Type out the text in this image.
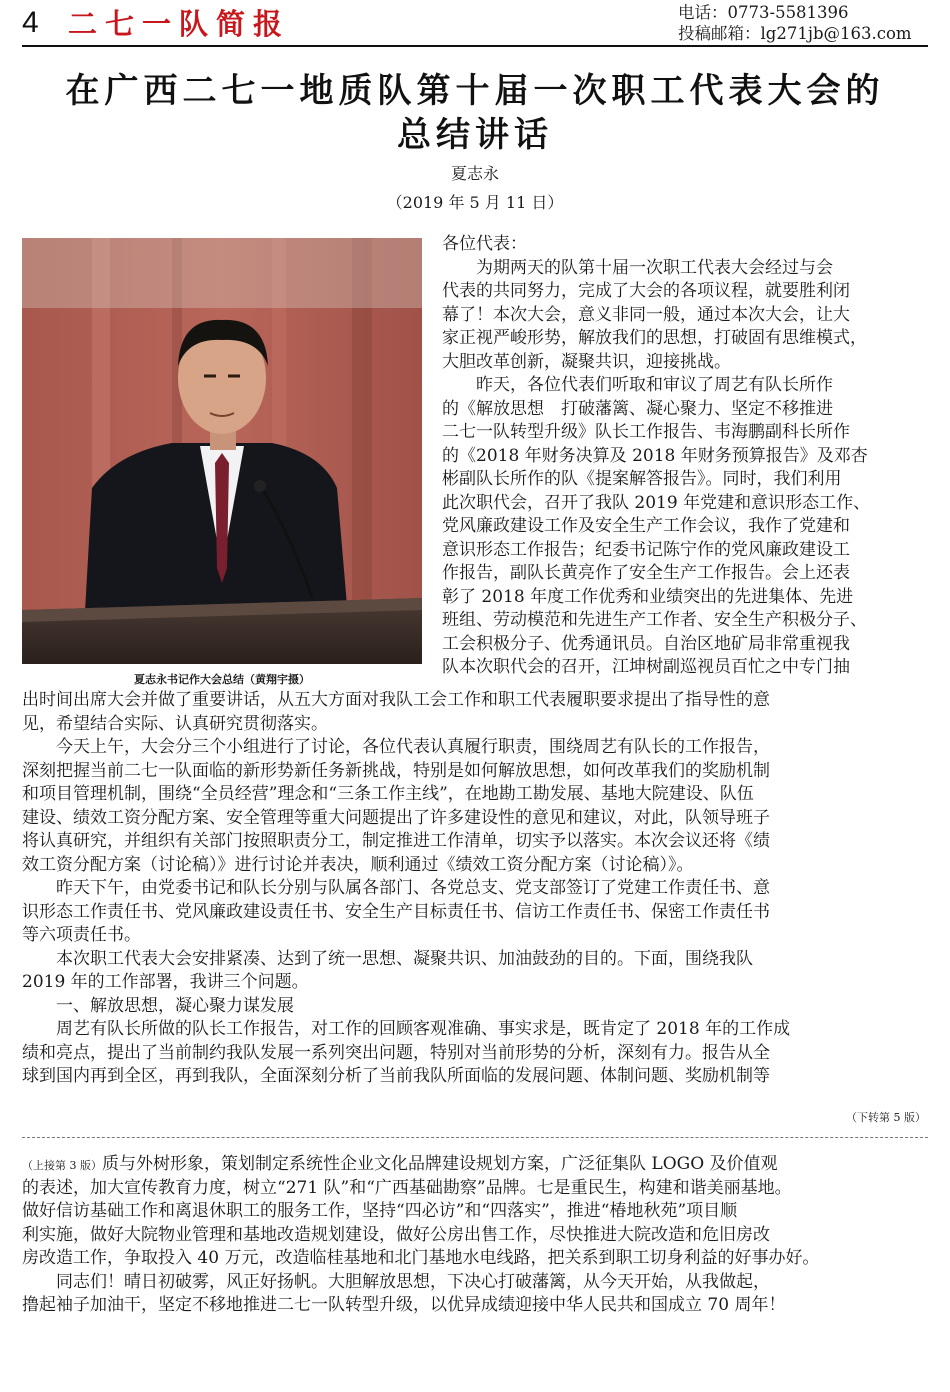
4 二七一队简报	电话：0773-5581396
投稿邮箱：lg271jb@163.com
在广西二七一地质队第十届一次职工代表大会的
总结讲话
夏志永
（2019 年 5 月 11 日）
夏志永书记作大会总结（黄翔宇摄）
各位代表：
　　为期两天的队第十届一次职工代表大会经过与会
代表的共同努力，完成了大会的各项议程，就要胜利闭
幕了！本次大会，意义非同一般，通过本次大会，让大
家正视严峻形势，解放我们的思想，打破固有思维模式，
大胆改革创新，凝聚共识，迎接挑战。
　　昨天，各位代表们听取和审议了周艺有队长所作
的《解放思想　打破藩篱、凝心聚力、坚定不移推进
二七一队转型升级》队长工作报告、韦海鹏副科长所作
的《2018 年财务决算及 2018 年财务预算报告》及邓杏
彬副队长所作的队《提案解答报告》。同时，我们利用
此次职代会，召开了我队 2019 年党建和意识形态工作、
党风廉政建设工作及安全生产工作会议，我作了党建和
意识形态工作报告；纪委书记陈宁作的党风廉政建设工
作报告，副队长黄亮作了安全生产工作报告。会上还表
彰了 2018 年度工作优秀和业绩突出的先进集体、先进
班组、劳动模范和先进生产工作者、安全生产积极分子、
工会积极分子、优秀通讯员。自治区地矿局非常重视我
队本次职代会的召开，江坤树副巡视员百忙之中专门抽
出时间出席大会并做了重要讲话，从五大方面对我队工会工作和职工代表履职要求提出了指导性的意
见，希望结合实际、认真研究贯彻落实。
　　今天上午，大会分三个小组进行了讨论，各位代表认真履行职责，围绕周艺有队长的工作报告，
深刻把握当前二七一队面临的新形势新任务新挑战，特别是如何解放思想，如何改革我们的奖励机制
和项目管理机制，围绕“全员经营”理念和“三条工作主线”，在地勘工勘发展、基地大院建设、队伍
建设、绩效工资分配方案、安全管理等重大问题提出了许多建设性的意见和建议，对此，队领导班子
将认真研究，并组织有关部门按照职责分工，制定推进工作清单，切实予以落实。本次会议还将《绩
效工资分配方案（讨论稿）》进行讨论并表决，顺利通过《绩效工资分配方案（讨论稿）》。
　　昨天下午，由党委书记和队长分别与队属各部门、各党总支、党支部签订了党建工作责任书、意
识形态工作责任书、党风廉政建设责任书、安全生产目标责任书、信访工作责任书、保密工作责任书
等六项责任书。
　　本次职工代表大会安排紧凑、达到了统一思想、凝聚共识、加油鼓劲的目的。下面，围绕我队
2019 年的工作部署，我讲三个问题。
　　一、解放思想，凝心聚力谋发展
　　周艺有队长所做的队长工作报告，对工作的回顾客观准确、事实求是，既肯定了 2018 年的工作成
绩和亮点，提出了当前制约我队发展一系列突出问题，特别对当前形势的分析，深刻有力。报告从全
球到国内再到全区，再到我队，全面深刻分析了当前我队所面临的发展问题、体制问题、奖励机制等
（下转第 5 版）
（上接第 3 版）质与外树形象，策划制定系统性企业文化品牌建设规划方案，广泛征集队 LOGO 及价值观
的表述，加大宣传教育力度，树立“271 队”和“广西基础勘察”品牌。七是重民生，构建和谐美丽基地。
做好信访基础工作和离退休职工的服务工作，坚持“四必访”和“四落实”，推进“椿地秋苑”项目顺
利实施，做好大院物业管理和基地改造规划建设，做好公房出售工作，尽快推进大院改造和危旧房改
房改造工作，争取投入 40 万元，改造临桂基地和北门基地水电线路，把关系到职工切身利益的好事办好。
　　同志们！晴日初破雾，风正好扬帆。大胆解放思想，下决心打破藩篱，从今天开始，从我做起，
撸起袖子加油干，坚定不移地推进二七一队转型升级，以优异成绩迎接中华人民共和国成立 70 周年！
